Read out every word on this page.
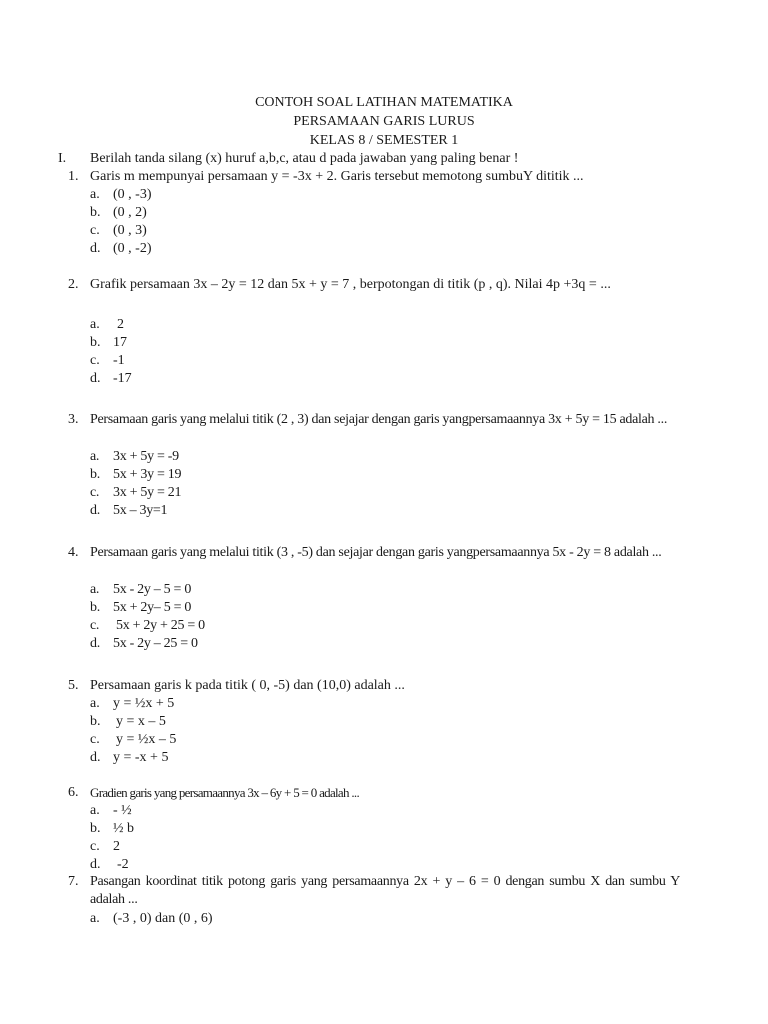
CONTOH SOAL LATIHAN MATEMATIKA
PERSAMAAN GARIS LURUS
KELAS 8 / SEMESTER 1
I. Berilah tanda silang (x) huruf a,b,c, atau d pada jawaban yang paling benar !
1. Garis m mempunyai persamaan y = -3x + 2. Garis tersebut memotong sumbuY dititik ...
a. (0 , -3)
b. (0 , 2)
c. (0 , 3)
d. (0 , -2)
2. Grafik persamaan 3x – 2y = 12 dan 5x + y = 7 , berpotongan di titik (p , q). Nilai 4p +3q = ...
a. 2
b. 17
c. -1
d. -17
3. Persamaan garis yang melalui titik (2 , 3) dan sejajar dengan garis yangpersamaannya 3x + 5y = 15 adalah ...
a. 3x + 5y = -9
b. 5x + 3y = 19
c. 3x + 5y = 21
d. 5x – 3y=1
4. Persamaan garis yang melalui titik (3 , -5) dan sejajar dengan garis yangpersamaannya 5x - 2y = 8 adalah ...
a. 5x - 2y – 5 = 0
b. 5x + 2y– 5 = 0
c. 5x + 2y + 25 = 0
d. 5x - 2y – 25 = 0
5. Persamaan garis k pada titik ( 0, -5) dan (10,0) adalah ...
a. y = ½x + 5
b. y = x – 5
c. y = ½x – 5
d. y = -x + 5
6. Gradien garis yang persamaannya 3x – 6y + 5 = 0 adalah ...
a. - ½
b. ½ b
c. 2
d. -2
7. Pasangan koordinat titik potong garis yang persamaannya 2x + y – 6 = 0 dengan sumbu X dan sumbu Y adalah ...
a. (-3 , 0) dan (0 , 6)
